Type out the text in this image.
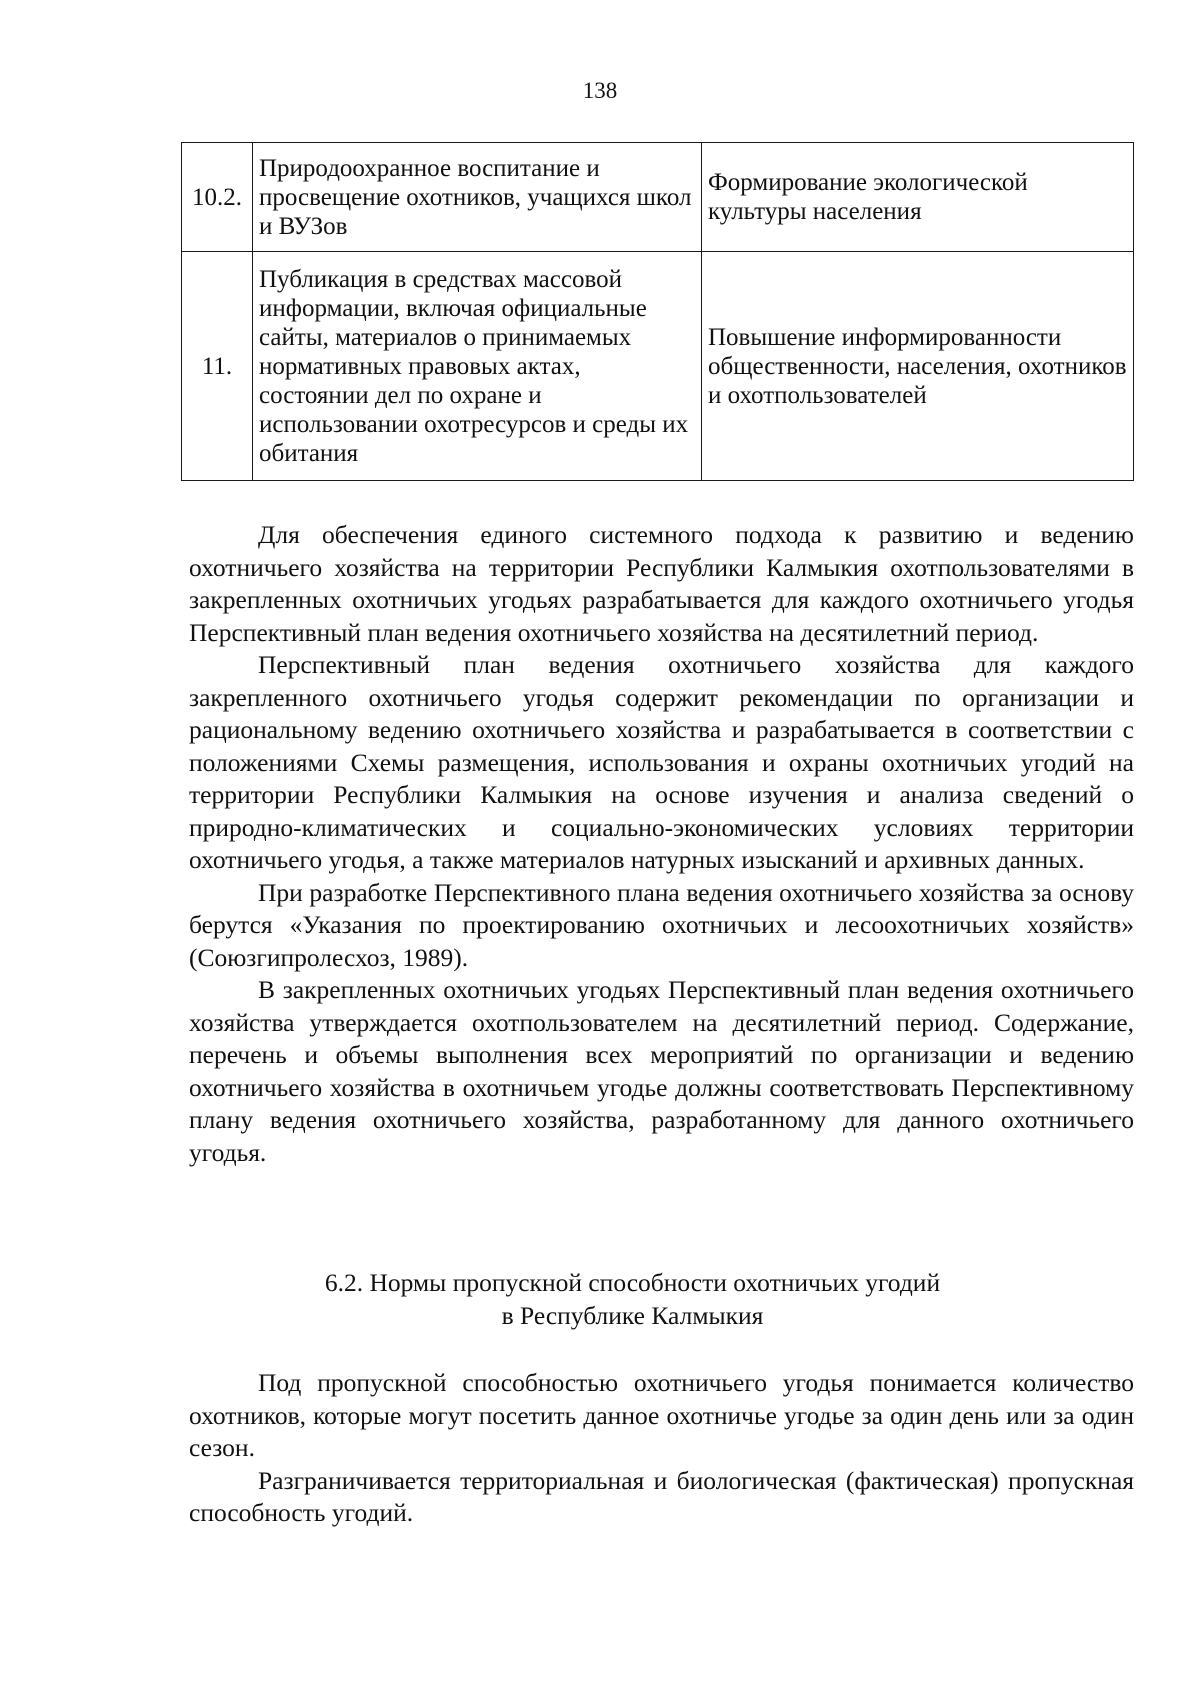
138
10.2.	Природоохранное воспитание и просвещение охотников, учащихся школ и ВУЗов	Формирование экологической культуры населения
11.	Публикация в средствах массовой информации, включая официальные сайты, материалов о принимаемых нормативных правовых актах, состоянии дел по охране и использовании охотресурсов и среды их обитания	Повышение информированности общественности, населения, охотников и охотпользователей

Для обеспечения единого системного подхода к развитию и ведению охотничьего хозяйства на территории Республики Калмыкия охотпользователями в закрепленных охотничьих угодьях разрабатывается для каждого охотничьего угодья Перспективный план ведения охотничьего хозяйства на десятилетний период.

Перспективный план ведения охотничьего хозяйства для каждого закрепленного охотничьего угодья содержит рекомендации по организации и рациональному ведению охотничьего хозяйства и разрабатывается в соответствии с положениями Схемы размещения, использования и охраны охотничьих угодий на территории Республики Калмыкия на основе изучения и анализа сведений о природно-климатических и социально-экономических условиях территории охотничьего угодья, а также материалов натурных изысканий и архивных данных.

При разработке Перспективного плана ведения охотничьего хозяйства за основу берутся «Указания по проектированию охотничьих и лесоохотничьих хозяйств» (Союзгипролесхоз, 1989).

В закрепленных охотничьих угодьях Перспективный план ведения охотничьего хозяйства утверждается охотпользователем на десятилетний период. Содержание, перечень и объемы выполнения всех мероприятий по организации и ведению охотничьего хозяйства в охотничьем угодье должны соответствовать Перспективному плану ведения охотничьего хозяйства, разработанному для данного охотничьего угодья.

6.2. Нормы пропускной способности охотничьих угодий
в Республике Калмыкия

Под пропускной способностью охотничьего угодья понимается количество охотников, которые могут посетить данное охотничье угодье за один день или за один сезон.

Разграничивается территориальная и биологическая (фактическая) пропускная способность угодий.
